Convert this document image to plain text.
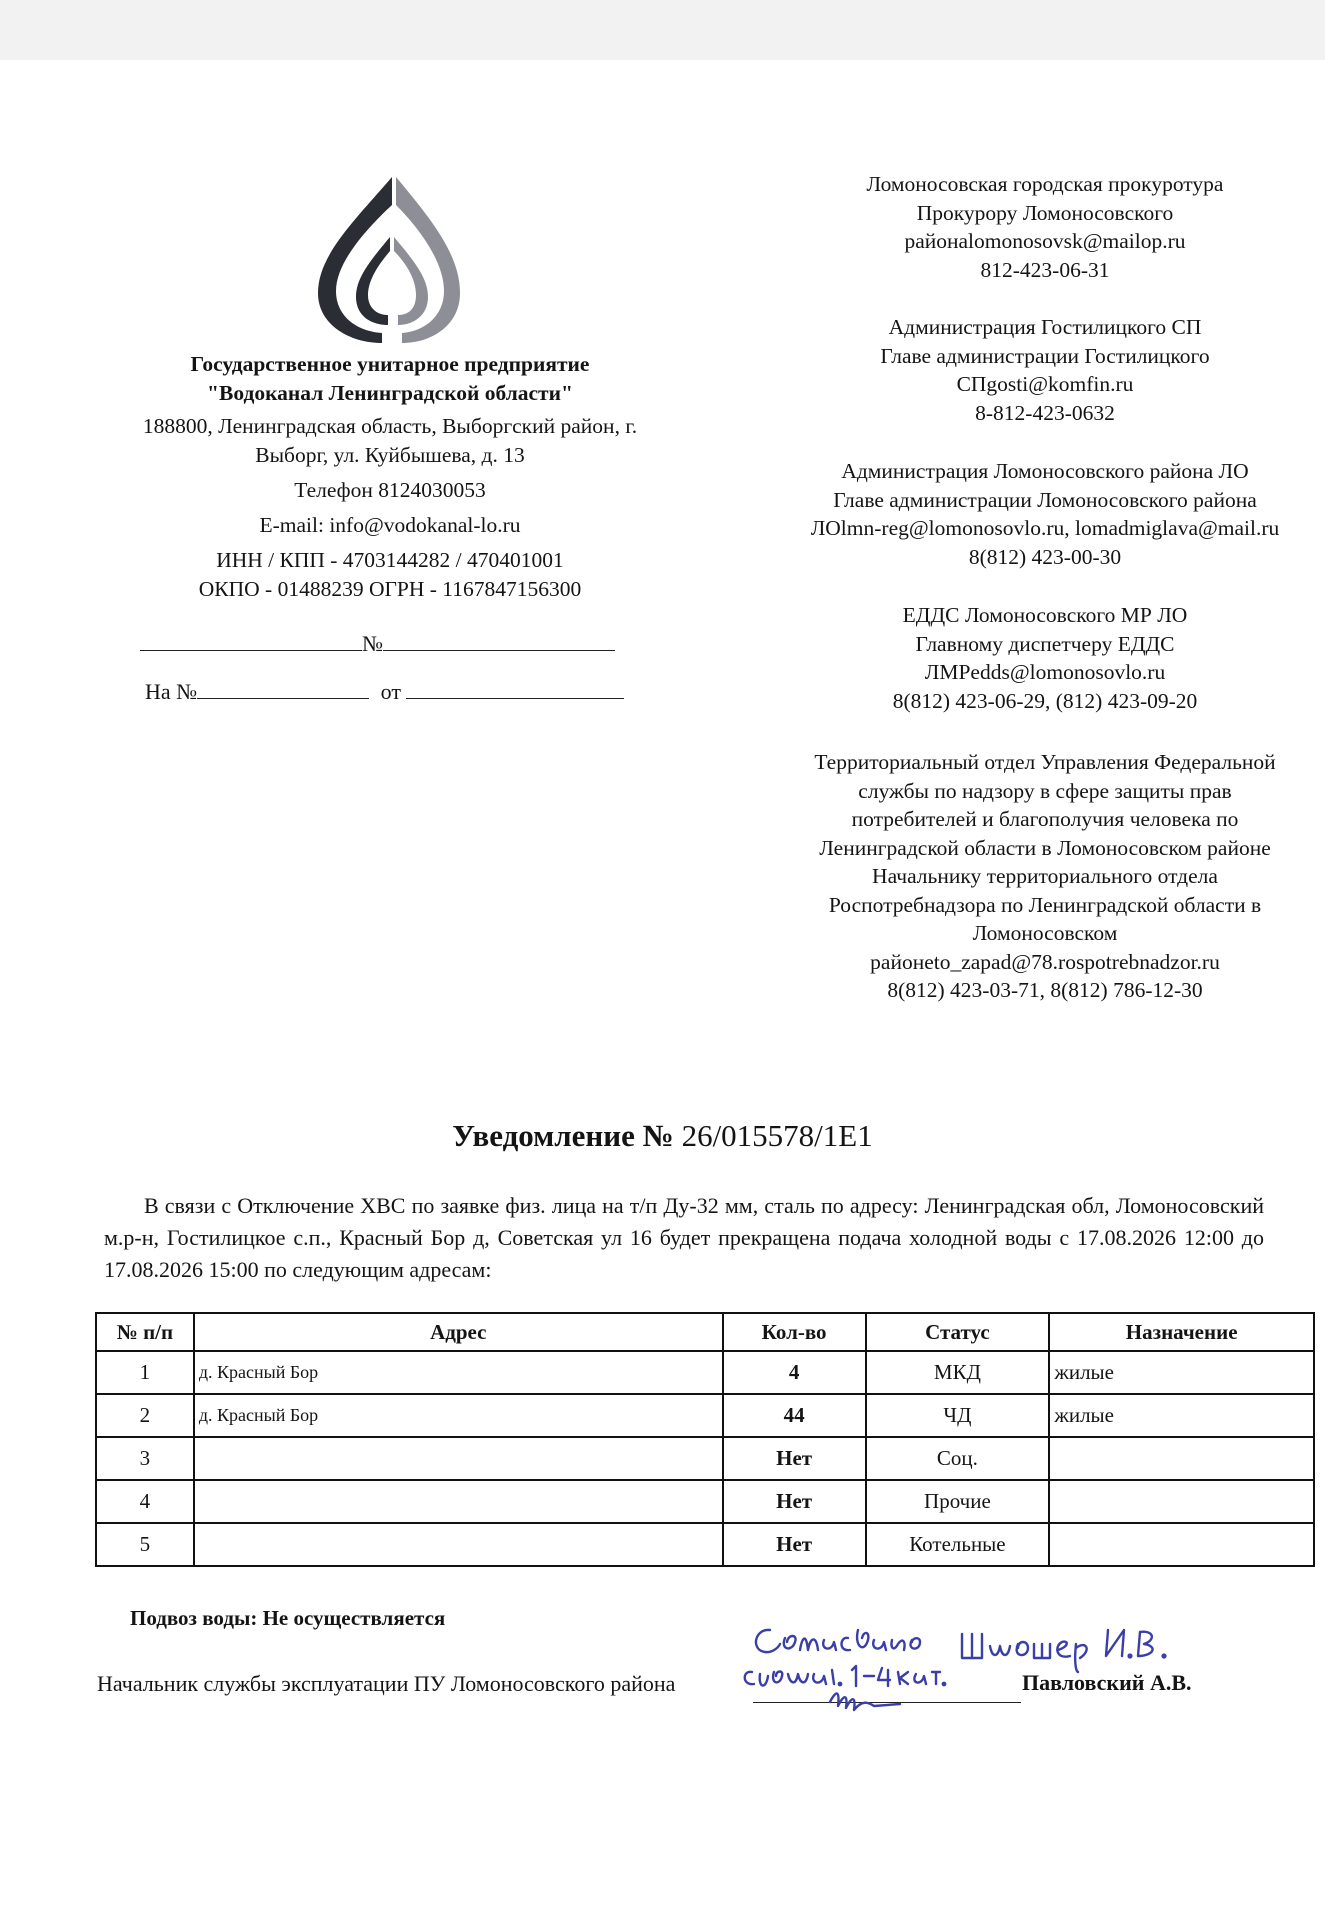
Государственное унитарное предприятие
"Водоканал Ленинградской области"
188800, Ленинградская область, Выборгский район, г.
Выборг, ул. Куйбышева, д. 13
Телефон 8124030053
E-mail: info@vodokanal-lo.ru
ИНН / КПП - 4703144282 / 470401001
ОКПО - 01488239 ОГРН - 1167847156300
№
На №	от
Ломоносовская городская прокуротура
Прокурору Ломоносовского
районаlomonosovsk@mailop.ru
812-423-06-31
Администрация Гостилицкого СП
Главе администрации Гостилицкого
СПgosti@komfin.ru
8-812-423-0632
Администрация Ломоносовского района ЛО
Главе администрации Ломоносовского района
ЛОlmn-reg@lomonosovlo.ru, lomadmiglava@mail.ru
8(812) 423-00-30
ЕДДС Ломоносовского МР ЛО
Главному диспетчеру ЕДДС
ЛМРedds@lomonosovlo.ru
8(812) 423-06-29, (812) 423-09-20
Территориальный отдел Управления Федеральной
службы по надзору в сфере защиты прав
потребителей и благополучия человека по
Ленинградской области в Ломоносовском районе
Начальнику территориального отдела
Роспотребнадзора по Ленинградской области в
Ломоносовском
районeto_zapad@78.rospotrebnadzor.ru
8(812) 423-03-71, 8(812) 786-12-30
Уведомление № 26/015578/1Е1
В связи с Отключение ХВС по заявке физ. лица на т/п Ду-32 мм, сталь по адресу: Ленинградская обл, Ломоносовский м.р-н, Гостилицкое с.п., Красный Бор д, Советская ул 16 будет прекращена подача холодной воды с 17.08.2026 12:00 до 17.08.2026 15:00 по следующим адресам:
№ п/п	Адрес	Кол-во	Статус	Назначение
1	д. Красный Бор	4	МКД	жилые
2	д. Красный Бор	44	ЧД	жилые
3		Нет	Соц.	
4		Нет	Прочие	
5		Нет	Котельные	
Подвоз воды: Не осуществляется
Начальник службы эксплуатации ПУ Ломоносовского района	Павловский А.В.
